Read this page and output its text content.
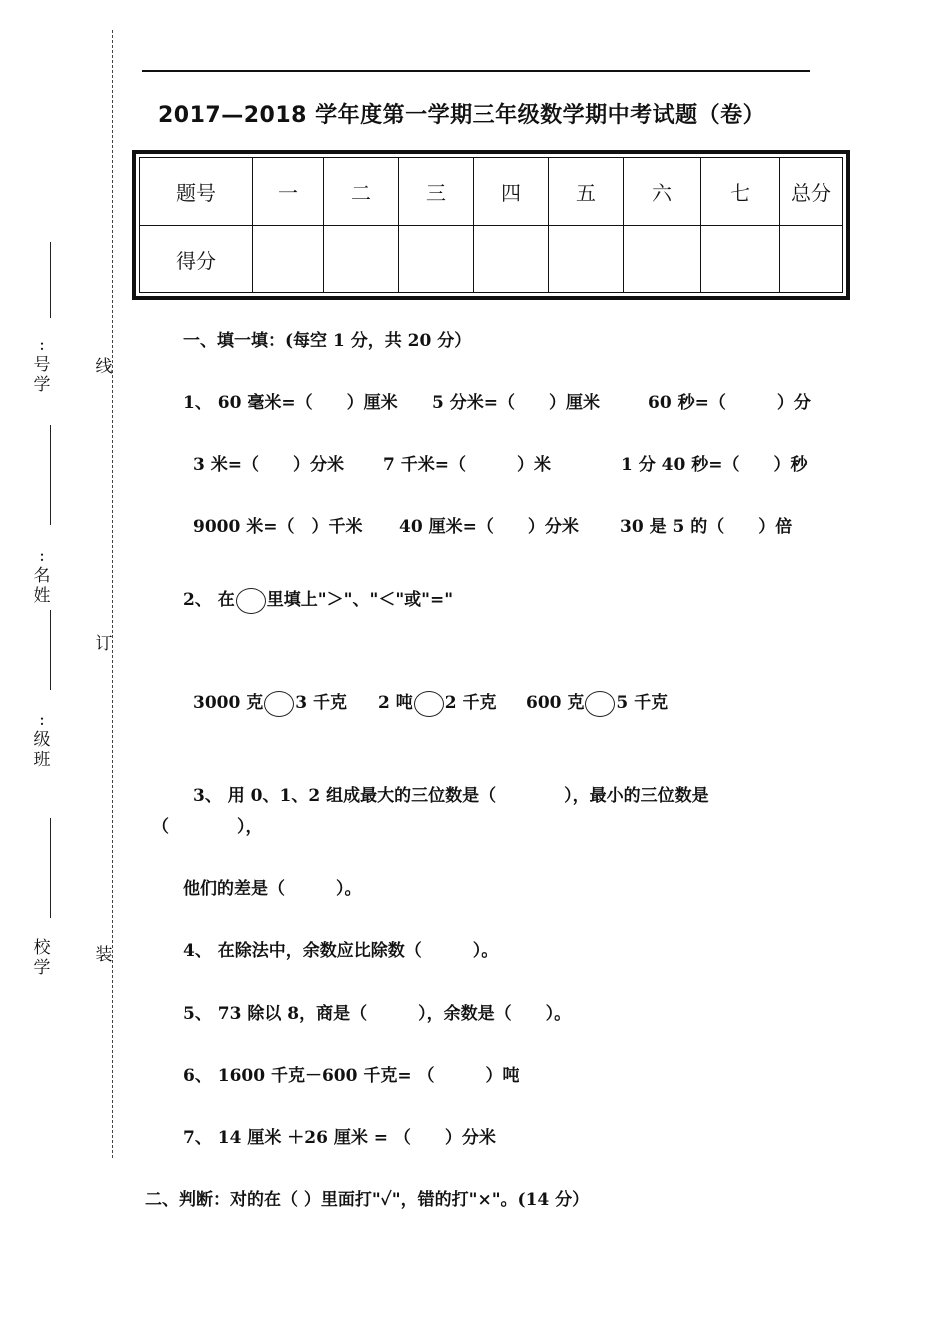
:号学
:名姓
:级班
校学
线
订
装
2017—2018 学年度第一学期三年级数学期中考试题（卷）
题号	一	二	三	四	五	六	七	总分
得分								
一、填一填：(每空 1 分，共 20 分）
1、 60 毫米=（　　）厘米 5 分米=（　　）厘米	60 秒=（　　　）分
3 米=（　　）分米 7 千米=（　　　）米	1 分 40 秒=（　　）秒
9000 米=（　）千米 40 厘米=（　　）分米 30 是 5 的（　　）倍
2、 在 里填上"＞"、"＜"或"="
3000 克 3 千克 2 吨 2 千克 600 克 5 千克
3、 用 0、1、2 组成最大的三位数是（　　　　），最小的三位数是
（　　　　），
他们的差是（　　　）。
4、 在除法中，余数应比除数（　　　）。
5、 73 除以 8，商是（　　　），余数是（　　）。
6、 1600 千克－600 千克= （　　　）吨
7、 14 厘米 ＋26 厘米 = （　　）分米
二、判断：对的在（ ）里面打"✓"，错的打"×"。(14 分）
